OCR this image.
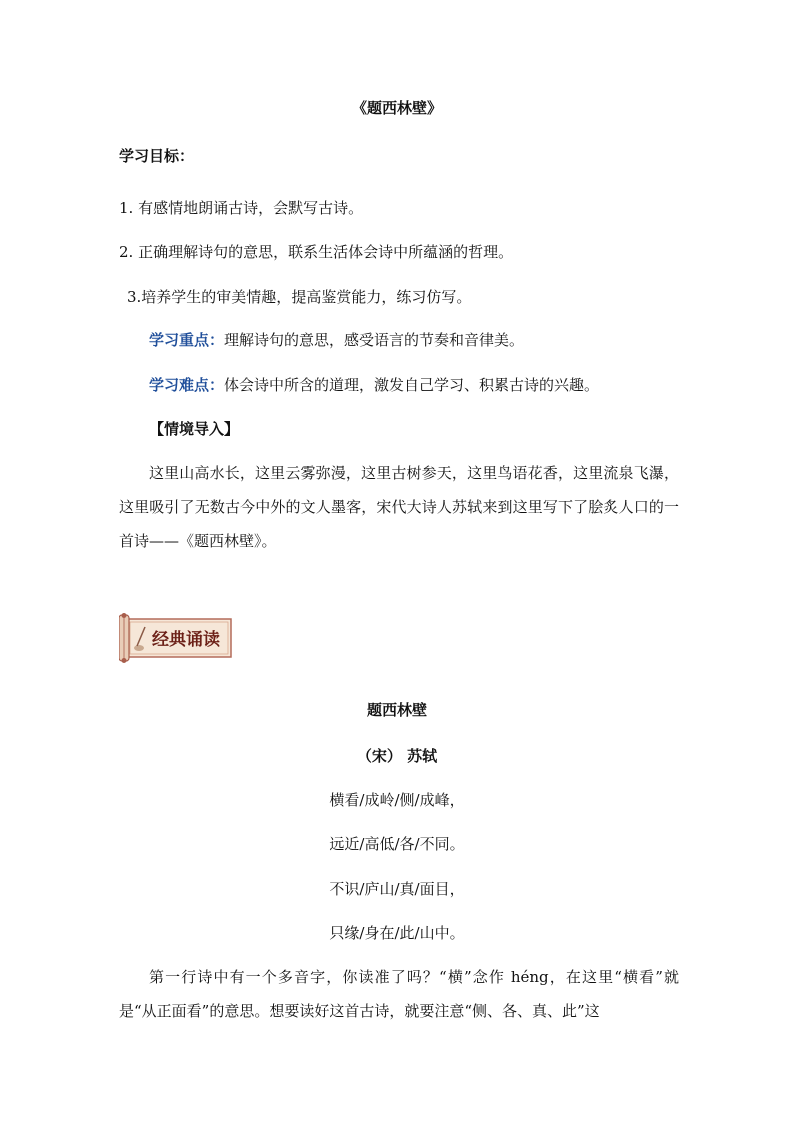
《题西林壁》
学习目标：
1. 有感情地朗诵古诗，会默写古诗。
2. 正确理解诗句的意思，联系生活体会诗中所蕴涵的哲理。
3.培养学生的审美情趣，提高鉴赏能力，练习仿写。
学习重点：理解诗句的意思，感受语言的节奏和音律美。
学习难点：体会诗中所含的道理，激发自己学习、积累古诗的兴趣。
【情境导入】
这里山高水长，这里云雾弥漫，这里古树参天，这里鸟语花香，这里流泉飞瀑，这里吸引了无数古今中外的文人墨客，宋代大诗人苏轼来到这里写下了脍炙人口的一首诗——《题西林壁》。
经典诵读
题西林壁
（宋） 苏轼
横看/成岭/侧/成峰，
远近/高低/各/不同。
不识/庐山/真/面目，
只缘/身在/此/山中。
第一行诗中有一个多音字，你读准了吗？“横”念作 héng，在这里“横看”就是“从正面看”的意思。想要读好这首古诗，就要注意“侧、各、真、此”这
